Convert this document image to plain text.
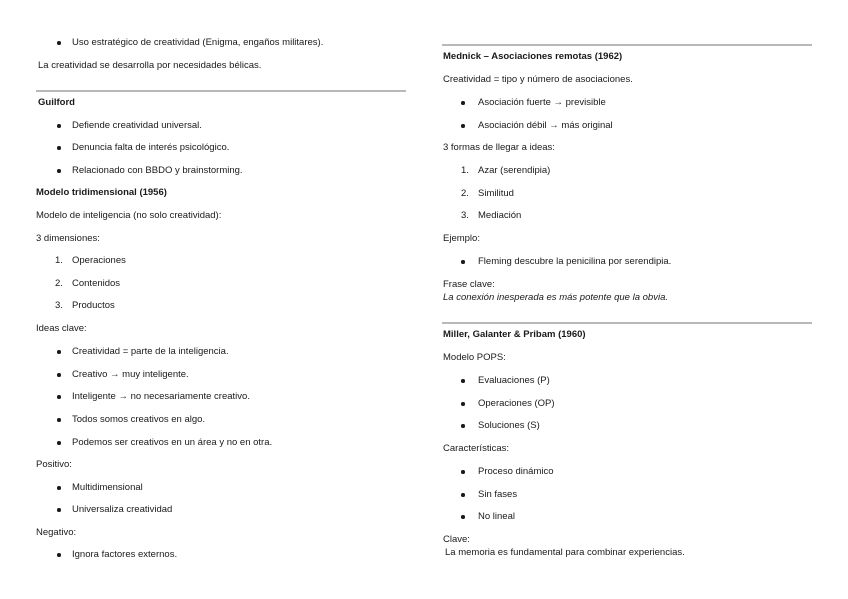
Uso estratégico de creatividad (Enigma, engaños militares).
La creatividad se desarrolla por necesidades bélicas.
Guilford
Defiende creatividad universal.
Denuncia falta de interés psicológico.
Relacionado con BBDO y brainstorming.
Modelo tridimensional (1956)
Modelo de inteligencia (no solo creatividad):
3 dimensiones:
1. Operaciones
2. Contenidos
3. Productos
Ideas clave:
Creatividad = parte de la inteligencia.
Creativo → muy inteligente.
Inteligente → no necesariamente creativo.
Todos somos creativos en algo.
Podemos ser creativos en un área y no en otra.
Positivo:
Multidimensional
Universaliza creatividad
Negativo:
Ignora factores externos.
Mednick – Asociaciones remotas (1962)
Creatividad = tipo y número de asociaciones.
Asociación fuerte → previsible
Asociación débil → más original
3 formas de llegar a ideas:
1. Azar (serendipia)
2. Similitud
3. Mediación
Ejemplo:
Fleming descubre la penicilina por serendipia.
Frase clave:
La conexión inesperada es más potente que la obvia.
Miller, Galanter & Pribam (1960)
Modelo POPS:
Evaluaciones (P)
Operaciones (OP)
Soluciones (S)
Características:
Proceso dinámico
Sin fases
No lineal
Clave:
La memoria es fundamental para combinar experiencias.
